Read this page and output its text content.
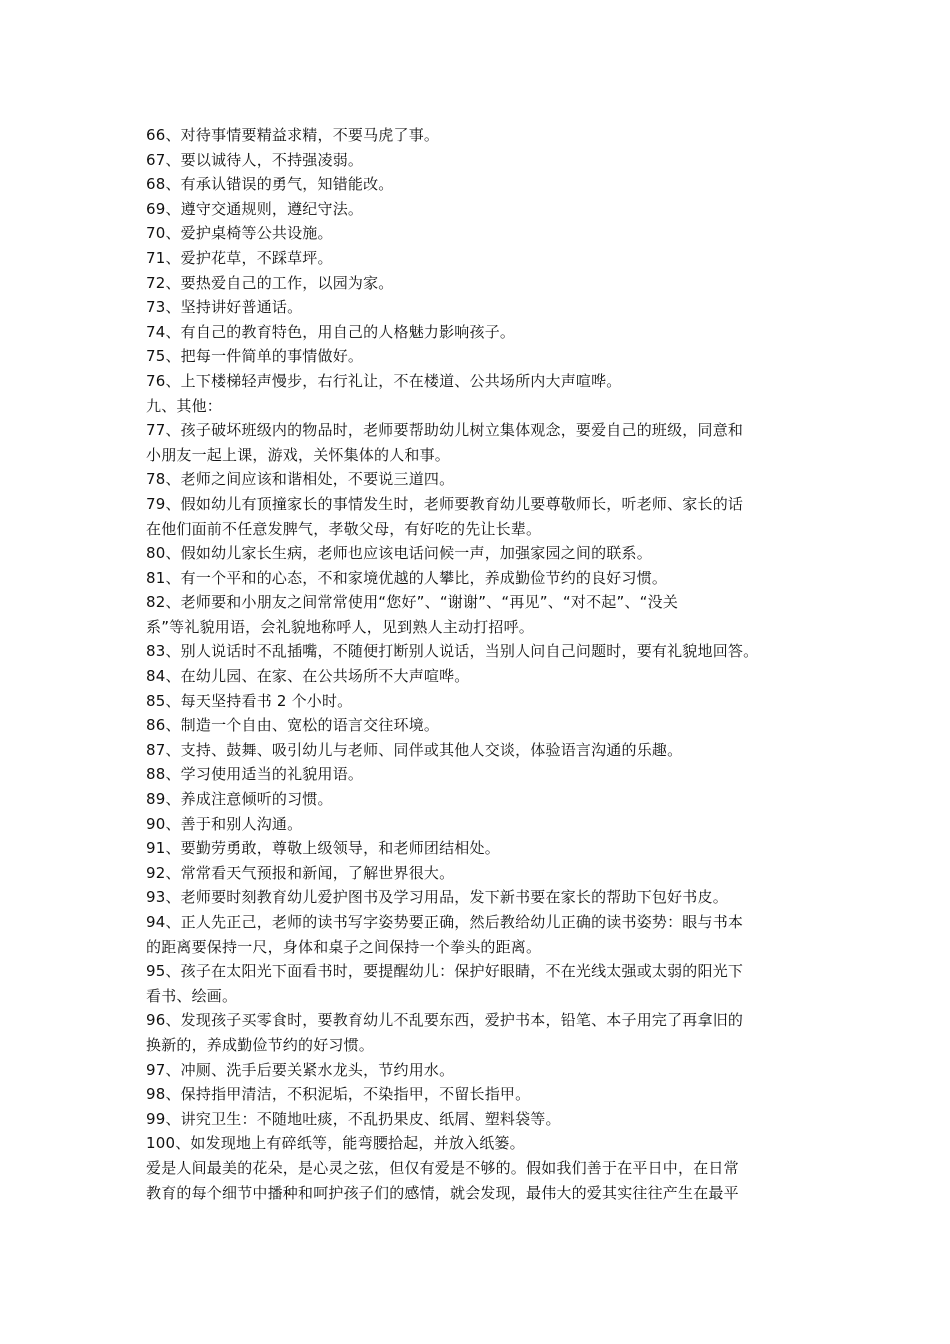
66、对待事情要精益求精，不要马虎了事。
67、要以诚待人，不持强凌弱。
68、有承认错误的勇气，知错能改。
69、遵守交通规则，遵纪守法。
70、爱护桌椅等公共设施。
71、爱护花草，不踩草坪。
72、要热爱自己的工作，以园为家。
73、坚持讲好普通话。
74、有自己的教育特色，用自己的人格魅力影响孩子。
75、把每一件简单的事情做好。
76、上下楼梯轻声慢步，右行礼让，不在楼道、公共场所内大声喧哗。
九、其他：
77、孩子破坏班级内的物品时，老师要帮助幼儿树立集体观念，要爱自己的班级，同意和
小朋友一起上课，游戏，关怀集体的人和事。
78、老师之间应该和谐相处，不要说三道四。
79、假如幼儿有顶撞家长的事情发生时，老师要教育幼儿要尊敬师长，听老师、家长的话
在他们面前不任意发脾气，孝敬父母，有好吃的先让长辈。
80、假如幼儿家长生病，老师也应该电话问候一声，加强家园之间的联系。
81、有一个平和的心态，不和家境优越的人攀比，养成勤俭节约的良好习惯。
82、老师要和小朋友之间常常使用“您好”、“谢谢”、“再见”、“对不起”、“没关
系”等礼貌用语，会礼貌地称呼人，见到熟人主动打招呼。
83、别人说话时不乱插嘴，不随便打断别人说话，当别人问自己问题时，要有礼貌地回答。
84、在幼儿园、在家、在公共场所不大声喧哗。
85、每天坚持看书 2 个小时。
86、制造一个自由、宽松的语言交往环境。
87、支持、鼓舞、吸引幼儿与老师、同伴或其他人交谈，体验语言沟通的乐趣。
88、学习使用适当的礼貌用语。
89、养成注意倾听的习惯。
90、善于和别人沟通。
91、要勤劳勇敢，尊敬上级领导，和老师团结相处。
92、常常看天气预报和新闻，了解世界很大。
93、老师要时刻教育幼儿爱护图书及学习用品，发下新书要在家长的帮助下包好书皮。
94、正人先正己，老师的读书写字姿势要正确，然后教给幼儿正确的读书姿势：眼与书本
的距离要保持一尺，身体和桌子之间保持一个拳头的距离。
95、孩子在太阳光下面看书时，要提醒幼儿：保护好眼睛，不在光线太强或太弱的阳光下
看书、绘画。
96、发现孩子买零食时，要教育幼儿不乱要东西，爱护书本，铅笔、本子用完了再拿旧的
换新的，养成勤俭节约的好习惯。
97、冲厕、洗手后要关紧水龙头，节约用水。
98、保持指甲清洁，不积泥垢，不染指甲，不留长指甲。
99、讲究卫生：不随地吐痰，不乱扔果皮、纸屑、塑料袋等。
100、如发现地上有碎纸等，能弯腰拾起，并放入纸篓。
爱是人间最美的花朵，是心灵之弦，但仅有爱是不够的。假如我们善于在平日中，在日常
教育的每个细节中播种和呵护孩子们的感情，就会发现，最伟大的爱其实往往产生在最平
